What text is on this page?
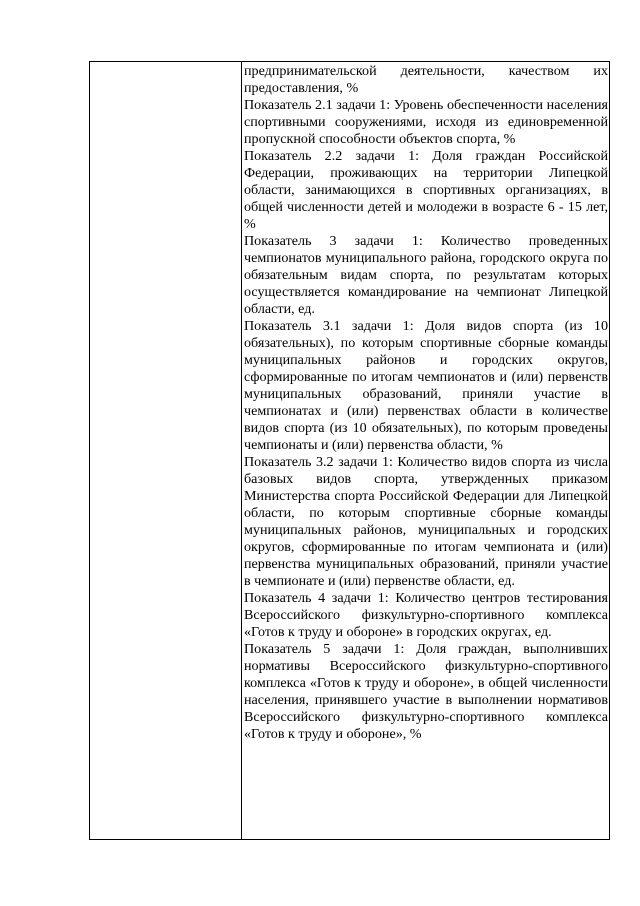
предпринимательской деятельности, качеством их предоставления, %

Показатель 2.1 задачи 1: Уровень обеспеченности населения спортивными сооружениями, исходя из единовременной пропускной способности объектов спорта, %

Показатель 2.2 задачи 1: Доля граждан Российской Федерации, проживающих на территории Липецкой области, занимающихся в спортивных организациях, в общей численности детей и молодежи в возрасте 6 - 15 лет, %

Показатель 3 задачи 1: Количество проведенных чемпионатов муниципального района, городского округа по обязательным видам спорта, по результатам которых осуществляется командирование на чемпионат Липецкой области, ед.

Показатель 3.1 задачи 1: Доля видов спорта (из 10 обязательных), по которым спортивные сборные команды муниципальных районов и городских округов, сформированные по итогам чемпионатов и (или) первенств муниципальных образований, приняли участие в чемпионатах и (или) первенствах области в количестве видов спорта (из 10 обязательных), по которым проведены чемпионаты и (или) первенства области, %

Показатель 3.2 задачи 1: Количество видов спорта из числа базовых видов спорта, утвержденных приказом Министерства спорта Российской Федерации для Липецкой области, по которым спортивные сборные команды муниципальных районов, муниципальных и городских округов, сформированные по итогам чемпионата и (или) первенства муниципальных образований, приняли участие в чемпионате и (или) первенстве области, ед.

Показатель 4 задачи 1: Количество центров тестирования Всероссийского физкультурно-спортивного комплекса «Готов к труду и обороне» в городских округах, ед.

Показатель 5 задачи 1: Доля граждан, выполнивших нормативы Всероссийского физкультурно-спортивного комплекса «Готов к труду и обороне», в общей численности населения, принявшего участие в выполнении нормативов Всероссийского физкультурно-спортивного комплекса «Готов к труду и обороне», %
